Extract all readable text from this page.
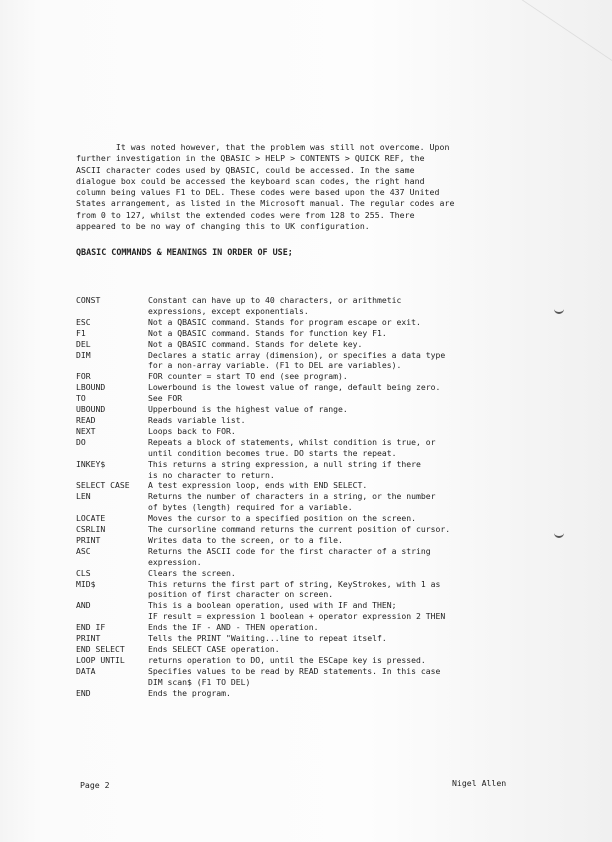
It was noted however, that the problem was still not overcome. Upon
further investigation in the QBASIC > HELP > CONTENTS > QUICK REF, the
ASCII character codes used by QBASIC, could be accessed. In the same
dialogue box could be accessed the keyboard scan codes, the right hand
column being values F1 to DEL. These codes were based upon the 437 United
States arrangement, as listed in the Microsoft manual. The regular codes are
from 0 to 127, whilst the extended codes were from 128 to 255. There
appeared to be no way of changing this to UK configuration.
QBASIC COMMANDS & MEANINGS IN ORDER OF USE;
CONST	Constant can have up to 40 characters, or arithmetic
expressions, except exponentials.
ESC	Not a QBASIC command. Stands for program escape or exit.
F1	Not a QBASIC command. Stands for function key F1.
DEL	Not a QBASIC command. Stands for delete key.
DIM	Declares a static array (dimension), or specifies a data type
for a non-array variable. (F1 to DEL are variables).
FOR	FOR counter = start TO end (see program).
LBOUND	Lowerbound is the lowest value of range, default being zero.
TO	See FOR
UBOUND	Upperbound is the highest value of range.
READ	Reads variable list.
NEXT	Loops back to FOR.
DO	Repeats a block of statements, whilst condition is true, or
until condition becomes true. DO starts the repeat.
INKEY$	This returns a string expression, a null string if there
is no character to return.
SELECT CASE	A test expression loop, ends with END SELECT.
LEN	Returns the number of characters in a string, or the number
of bytes (length) required for a variable.
LOCATE	Moves the cursor to a specified position on the screen.
CSRLIN	The cursorline command returns the current position of cursor.
PRINT	Writes data to the screen, or to a file.
ASC	Returns the ASCII code for the first character of a string
expression.
CLS	Clears the screen.
MID$	This returns the first part of string, KeyStrokes, with 1 as
position of first character on screen.
AND	This is a boolean operation, used with IF and THEN;
IF result = expression 1 boolean + operator expression 2 THEN
END IF	Ends the IF - AND - THEN operation.
PRINT	Tells the PRINT "Waiting...line to repeat itself.
END SELECT	Ends SELECT CASE operation.
LOOP UNTIL	returns operation to DO, until the ESCape key is pressed.
DATA	Specifies values to be read by READ statements. In this case
DIM scan$ (F1 TO DEL)
END	Ends the program.
Page 2	Nigel Allen
